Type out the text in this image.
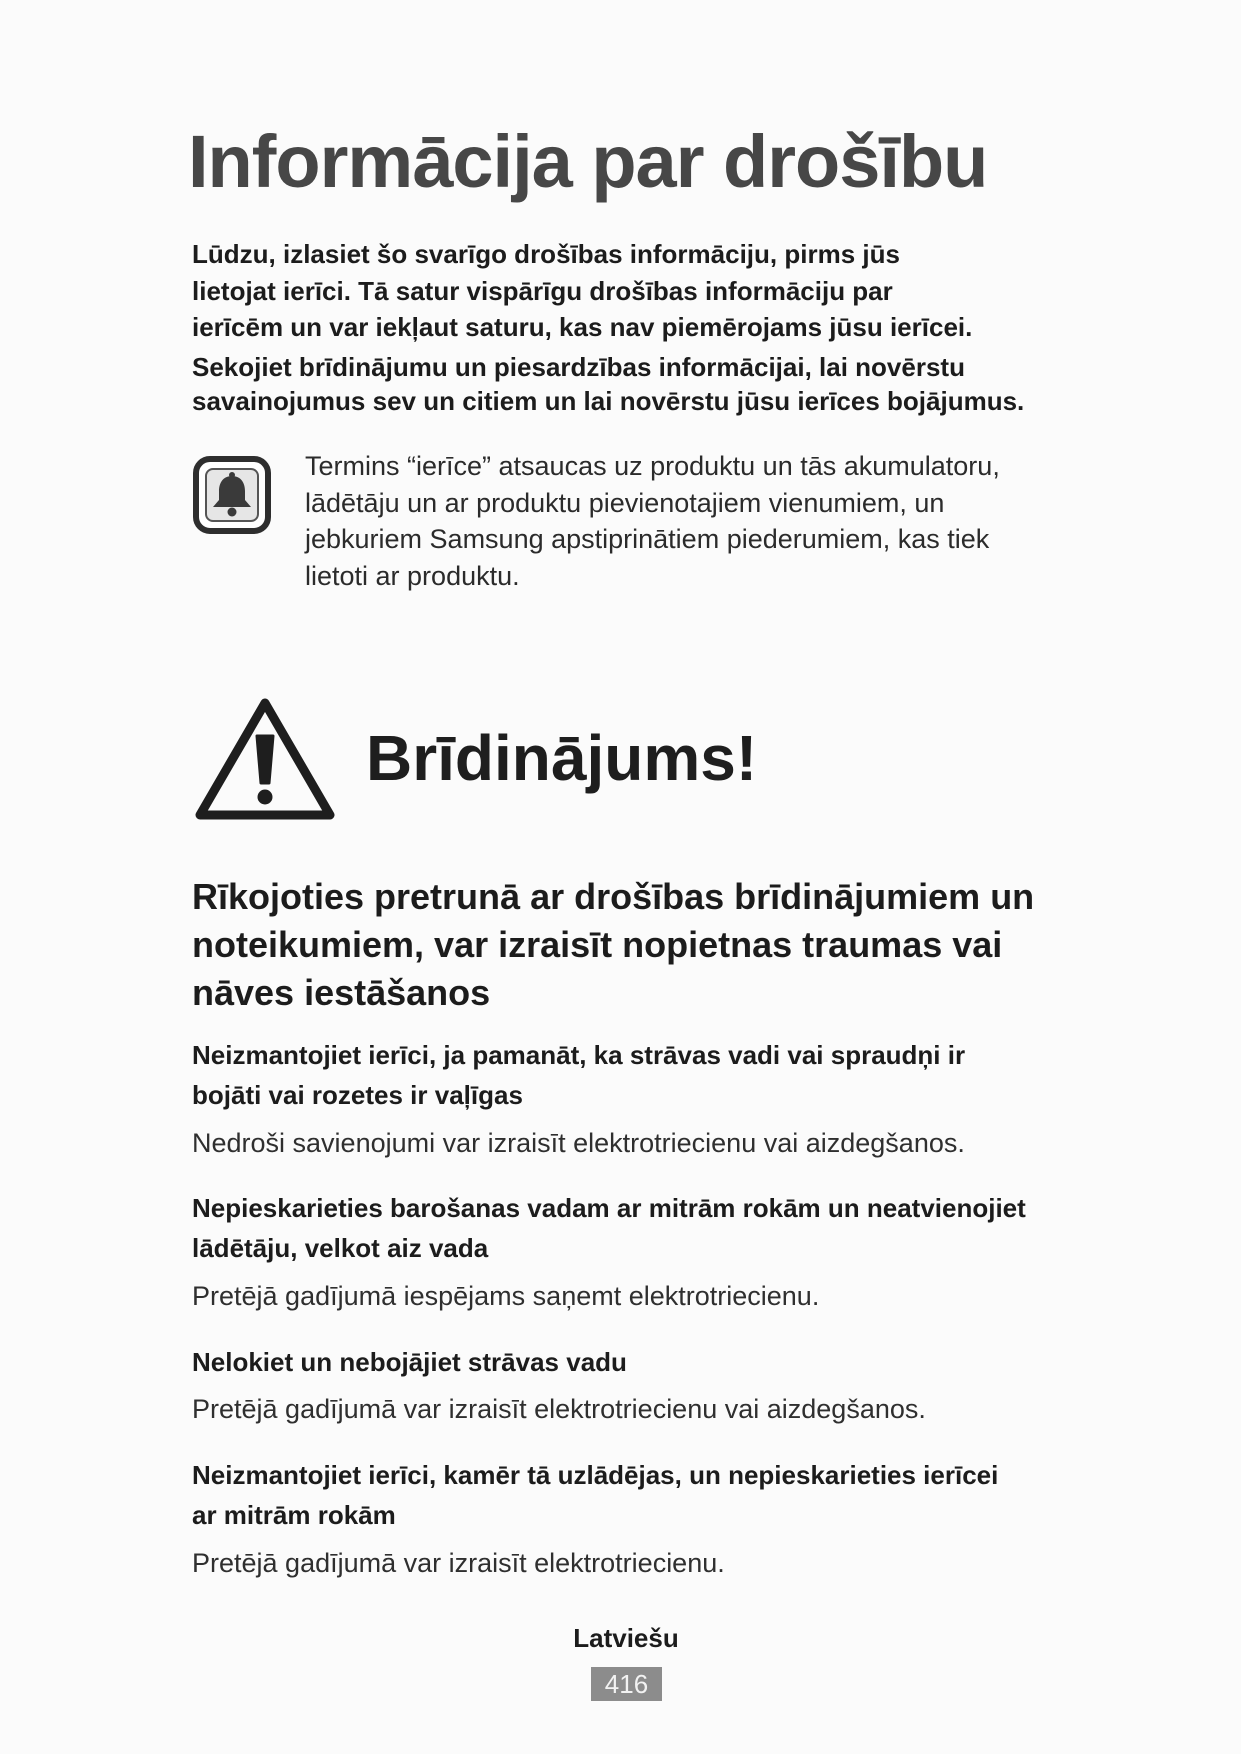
Informācija par drošību
Lūdzu, izlasiet šo svarīgo drošības informāciju, pirms jūs
lietojat ierīci. Tā satur vispārīgu drošības informāciju par
ierīcēm un var iekļaut saturu, kas nav piemērojams jūsu ierīcei.
Sekojiet brīdinājumu un piesardzības informācijai, lai novērstu
savainojumus sev un citiem un lai novērstu jūsu ierīces bojājumus.
Termins “ierīce” atsaucas uz produktu un tās akumulatoru,
lādētāju un ar produktu pievienotajiem vienumiem, un
jebkuriem Samsung apstiprinātiem piederumiem, kas tiek
lietoti ar produktu.
Brīdinājums!
Rīkojoties pretrunā ar drošības brīdinājumiem un
noteikumiem, var izraisīt nopietnas traumas vai
nāves iestāšanos
Neizmantojiet ierīci, ja pamanāt, ka strāvas vadi vai spraudņi ir
bojāti vai rozetes ir vaļīgas
Nedroši savienojumi var izraisīt elektrotriecienu vai aizdegšanos.
Nepieskarieties barošanas vadam ar mitrām rokām un neatvienojiet
lādētāju, velkot aiz vada
Pretējā gadījumā iespējams saņemt elektrotriecienu.
Nelokiet un nebojājiet strāvas vadu
Pretējā gadījumā var izraisīt elektrotriecienu vai aizdegšanos.
Neizmantojiet ierīci, kamēr tā uzlādējas, un nepieskarieties ierīcei
ar mitrām rokām
Pretējā gadījumā var izraisīt elektrotriecienu.
Latviešu
416
